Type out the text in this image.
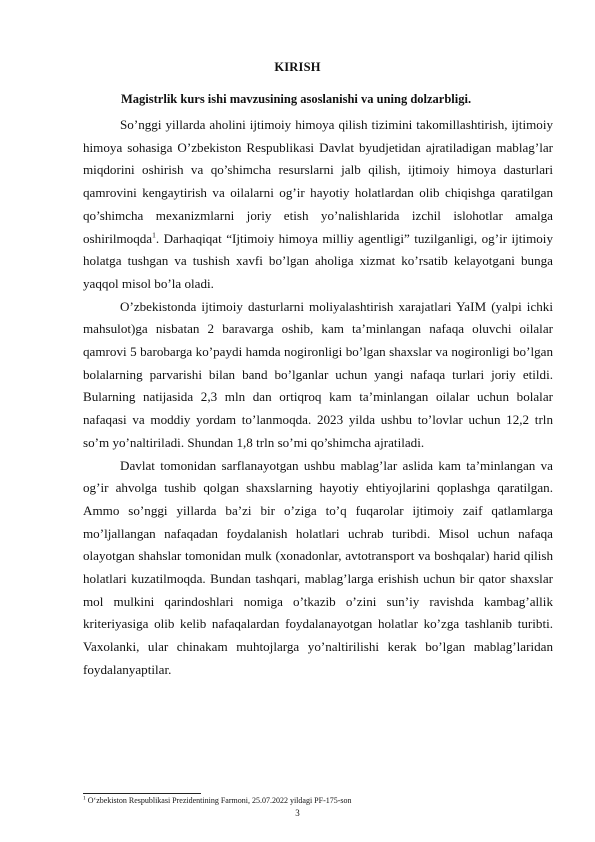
KIRISH
Magistrlik kurs ishi mavzusining asoslanishi va uning dolzarbligi.

So’nggi yillarda aholini ijtimoiy himoya qilish tizimini takomillashtirish, ijtimoiy himoya sohasiga O’zbekiston Respublikasi Davlat byudjetidan ajratiladigan mablag’lar miqdorini oshirish va qo’shimcha resurslarni jalb qilish, ijtimoiy himoya dasturlari qamrovini kengaytirish va oilalarni og’ir hayotiy holatlardan olib chiqishga qaratilgan qo’shimcha mexanizmlarni joriy etish yo’nalishlarida izchil islohotlar amalga oshirilmoqda$^1$. Darhaqiqat “Ijtimoiy himoya milliy agentligi” tuzilganligi, og’ir ijtimoiy holatga tushgan va tushish xavfi bo’lgan aholiga xizmat ko’rsatib kelayotgani bunga yaqqol misol bo’la oladi.

O’zbekistonda ijtimoiy dasturlarni moliyalashtirish xarajatlari YaIM (yalpi ichki mahsulot)ga nisbatan 2 baravarga oshib, kam ta’minlangan nafaqa oluvchi oilalar qamrovi 5 barobarga ko’paydi hamda nogironligi bo’lgan shaxslar va nogironligi bo’lgan bolalarning parvarishi bilan band bo’lganlar uchun yangi nafaqa turlari joriy etildi. Bularning natijasida 2,3 mln dan ortiqroq kam ta’minlangan oilalar uchun bolalar nafaqasi va moddiy yordam to’lanmoqda. 2023 yilda ushbu to’lovlar uchun 12,2 trln so’m yo’naltiriladi. Shundan 1,8 trln so’mi qo’shimcha ajratiladi.

Davlat tomonidan sarflanayotgan ushbu mablag’lar aslida kam ta’minlangan va og’ir ahvolga tushib qolgan shaxslarning hayotiy ehtiyojlarini qoplashga qaratilgan. Ammo so’nggi yillarda ba’zi bir o’ziga to’q fuqarolar ijtimoiy zaif qatlamlarga mo’ljallangan nafaqadan foydalanish holatlari uchrab turibdi. Misol uchun nafaqa olayotgan shahslar tomonidan mulk (xonadonlar, avtotransport va boshqalar) harid qilish holatlari kuzatilmoqda. Bundan tashqari, mablag’larga erishish uchun bir qator shaxslar mol mulkini qarindoshlari nomiga o’tkazib o’zini sun’iy ravishda kambag’allik kriteriyasiga olib kelib nafaqalardan foydalanayotgan holatlar ko’zga tashlanib turibti. Vaxolanki, ular chinakam muhtojlarga yo’naltirilishi kerak bo’lgan mablag’laridan foydalanyaptilar.

$^1$ O‘zbekiston Respublikasi Prezidentining Farmoni, 25.07.2022 yildagi PF-175-son
3
